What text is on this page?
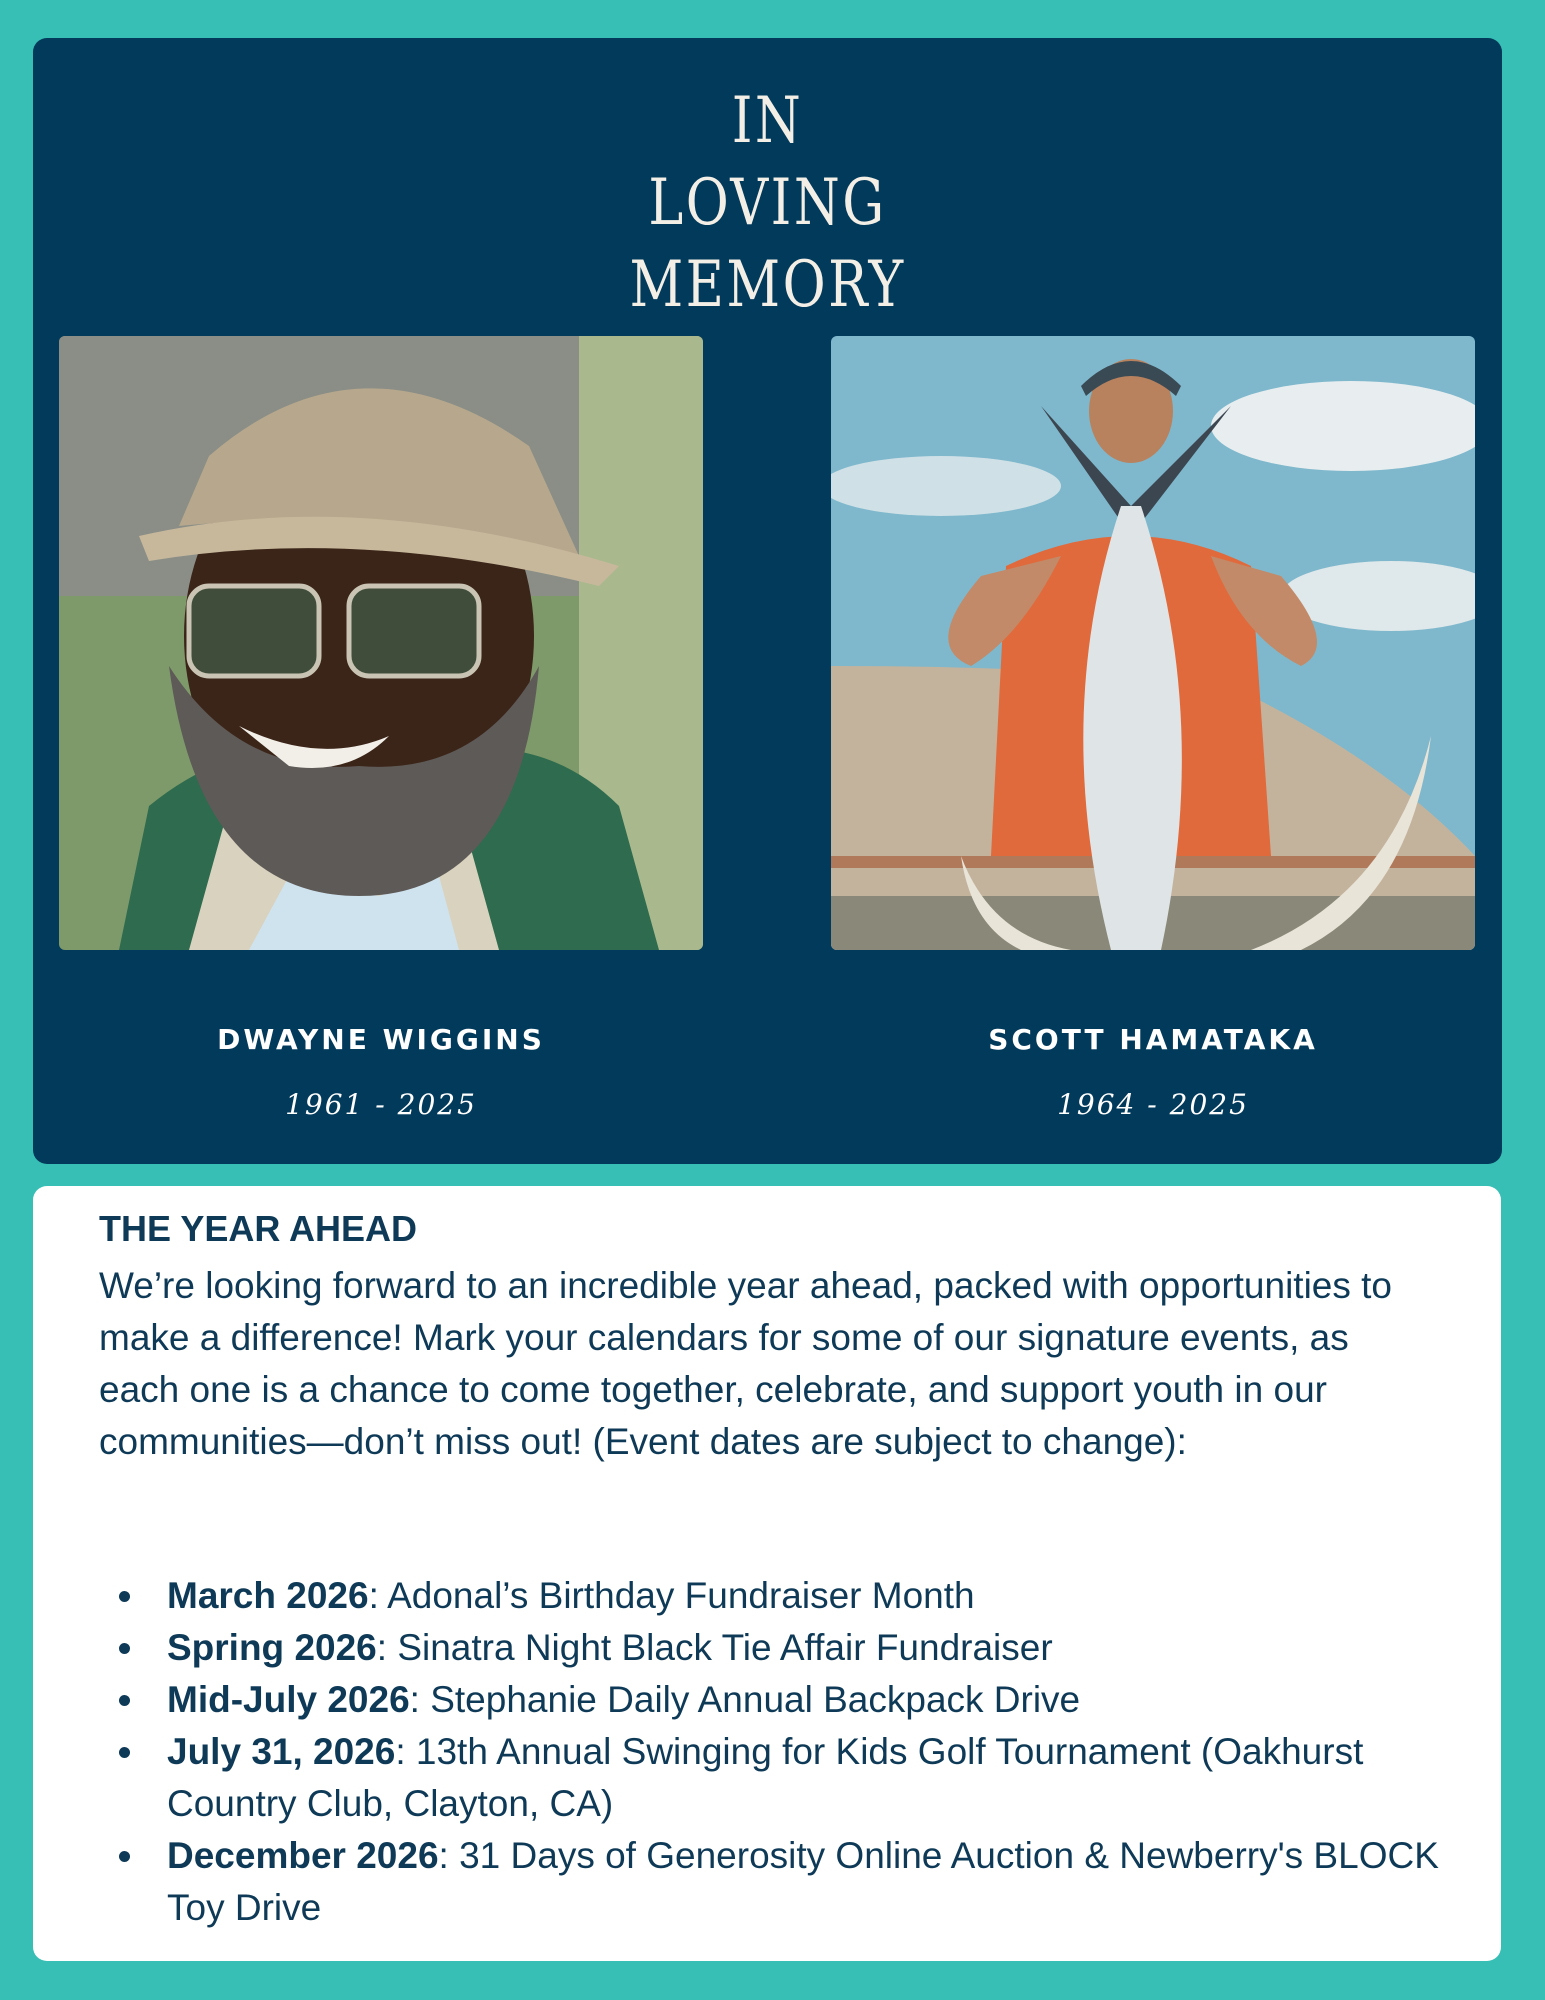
IN
LOVING
MEMORY
DWAYNE WIGGINS
1961 - 2025
SCOTT HAMATAKA
1964 - 2025
THE YEAR AHEAD

We’re looking forward to an incredible year ahead, packed with opportunities to make a difference! Mark your calendars for some of our signature events, as each one is a chance to come together, celebrate, and support youth in our communities—don’t miss out! (Event dates are subject to change):

March 2026: Adonal’s Birthday Fundraiser Month
Spring 2026: Sinatra Night Black Tie Affair Fundraiser
Mid-July 2026: Stephanie Daily Annual Backpack Drive
July 31, 2026: 13th Annual Swinging for Kids Golf Tournament (Oakhurst Country Club, Clayton, CA)
December 2026: 31 Days of Generosity Online Auction & Newberry's BLOCK Toy Drive
